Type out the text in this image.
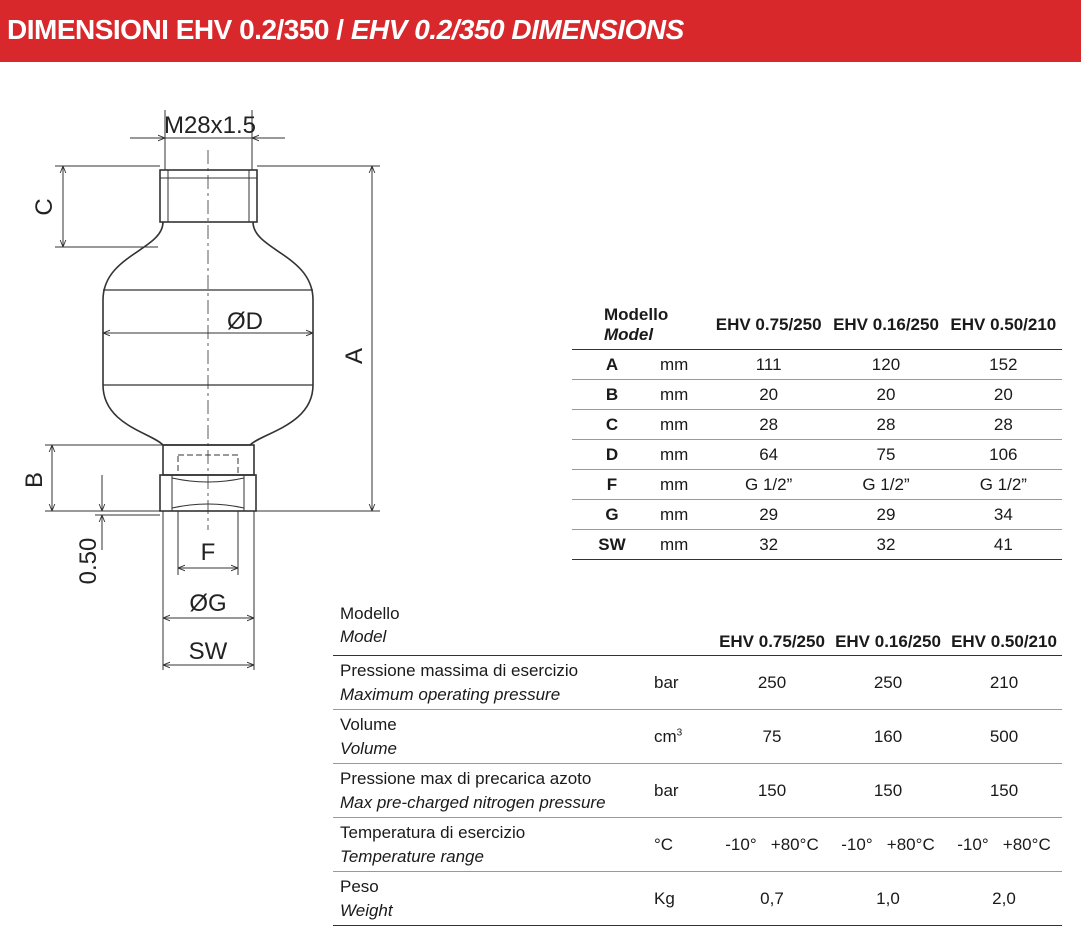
DIMENSIONI EHV 0.2/350 / EHV 0.2/350 DIMENSIONS
M28x1.5
C
ØD
A
B
0.50	F
ØG
SW
Modello
Model		EHV 0.75/250	EHV 0.16/250	EHV 0.50/210
A	mm	111	120	152
B	mm	20	20	20
C	mm	28	28	28
D	mm	64	75	106
F	mm	G 1/2”	G 1/2”	G 1/2”
G	mm	29	29	34
SW	mm	32	32	41
Modello
Model		EHV 0.75/250	EHV 0.16/250	EHV 0.50/210
Pressione massima di esercizio
Maximum operating pressure	bar	250	250	210
Volume
Volume	$cm^3$	75	160	500
Pressione max di precarica azoto
Max pre-charged nitrogen pressure	bar	150	150	150
Temperatura di esercizio
Temperature range	°C	-10°   +80°C	-10°   +80°C	-10°   +80°C
Peso
Weight	Kg	0,7	1,0	2,0
